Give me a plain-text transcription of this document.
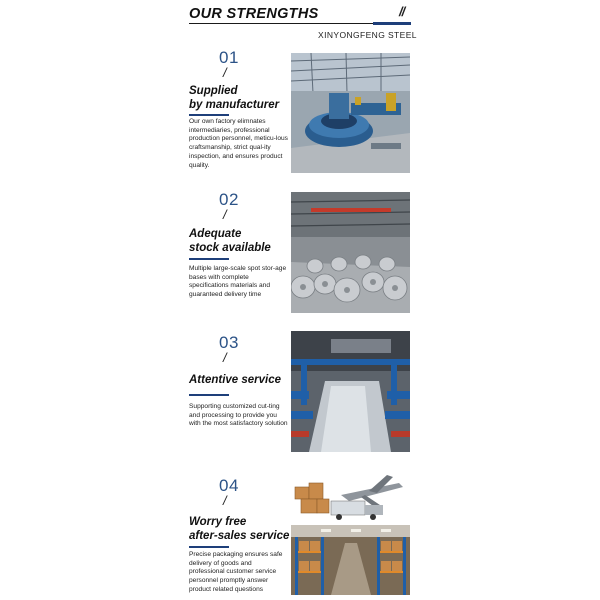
OUR STRENGTHS	//
XINYONGFENG STEEL
01
/
Supplied
by manufacturer
Our own factory elimnates intermediaries, professional production personnel, meticu-lous craftsmanship, strict qual-ity inspection, and ensures product quality.
02
/
Adequate
stock available
Multiple large-scale spot stor-age bases with complete specifications materials and guaranteed delivery time
03
/
Attentive service
Supporting customized cut-ting and processing to provide you with the most satisfactory solution
04
/
Worry free
after-sales service
Precise packaging ensures safe delivery of goods and professional customer service personnel promptly answer product related questions
